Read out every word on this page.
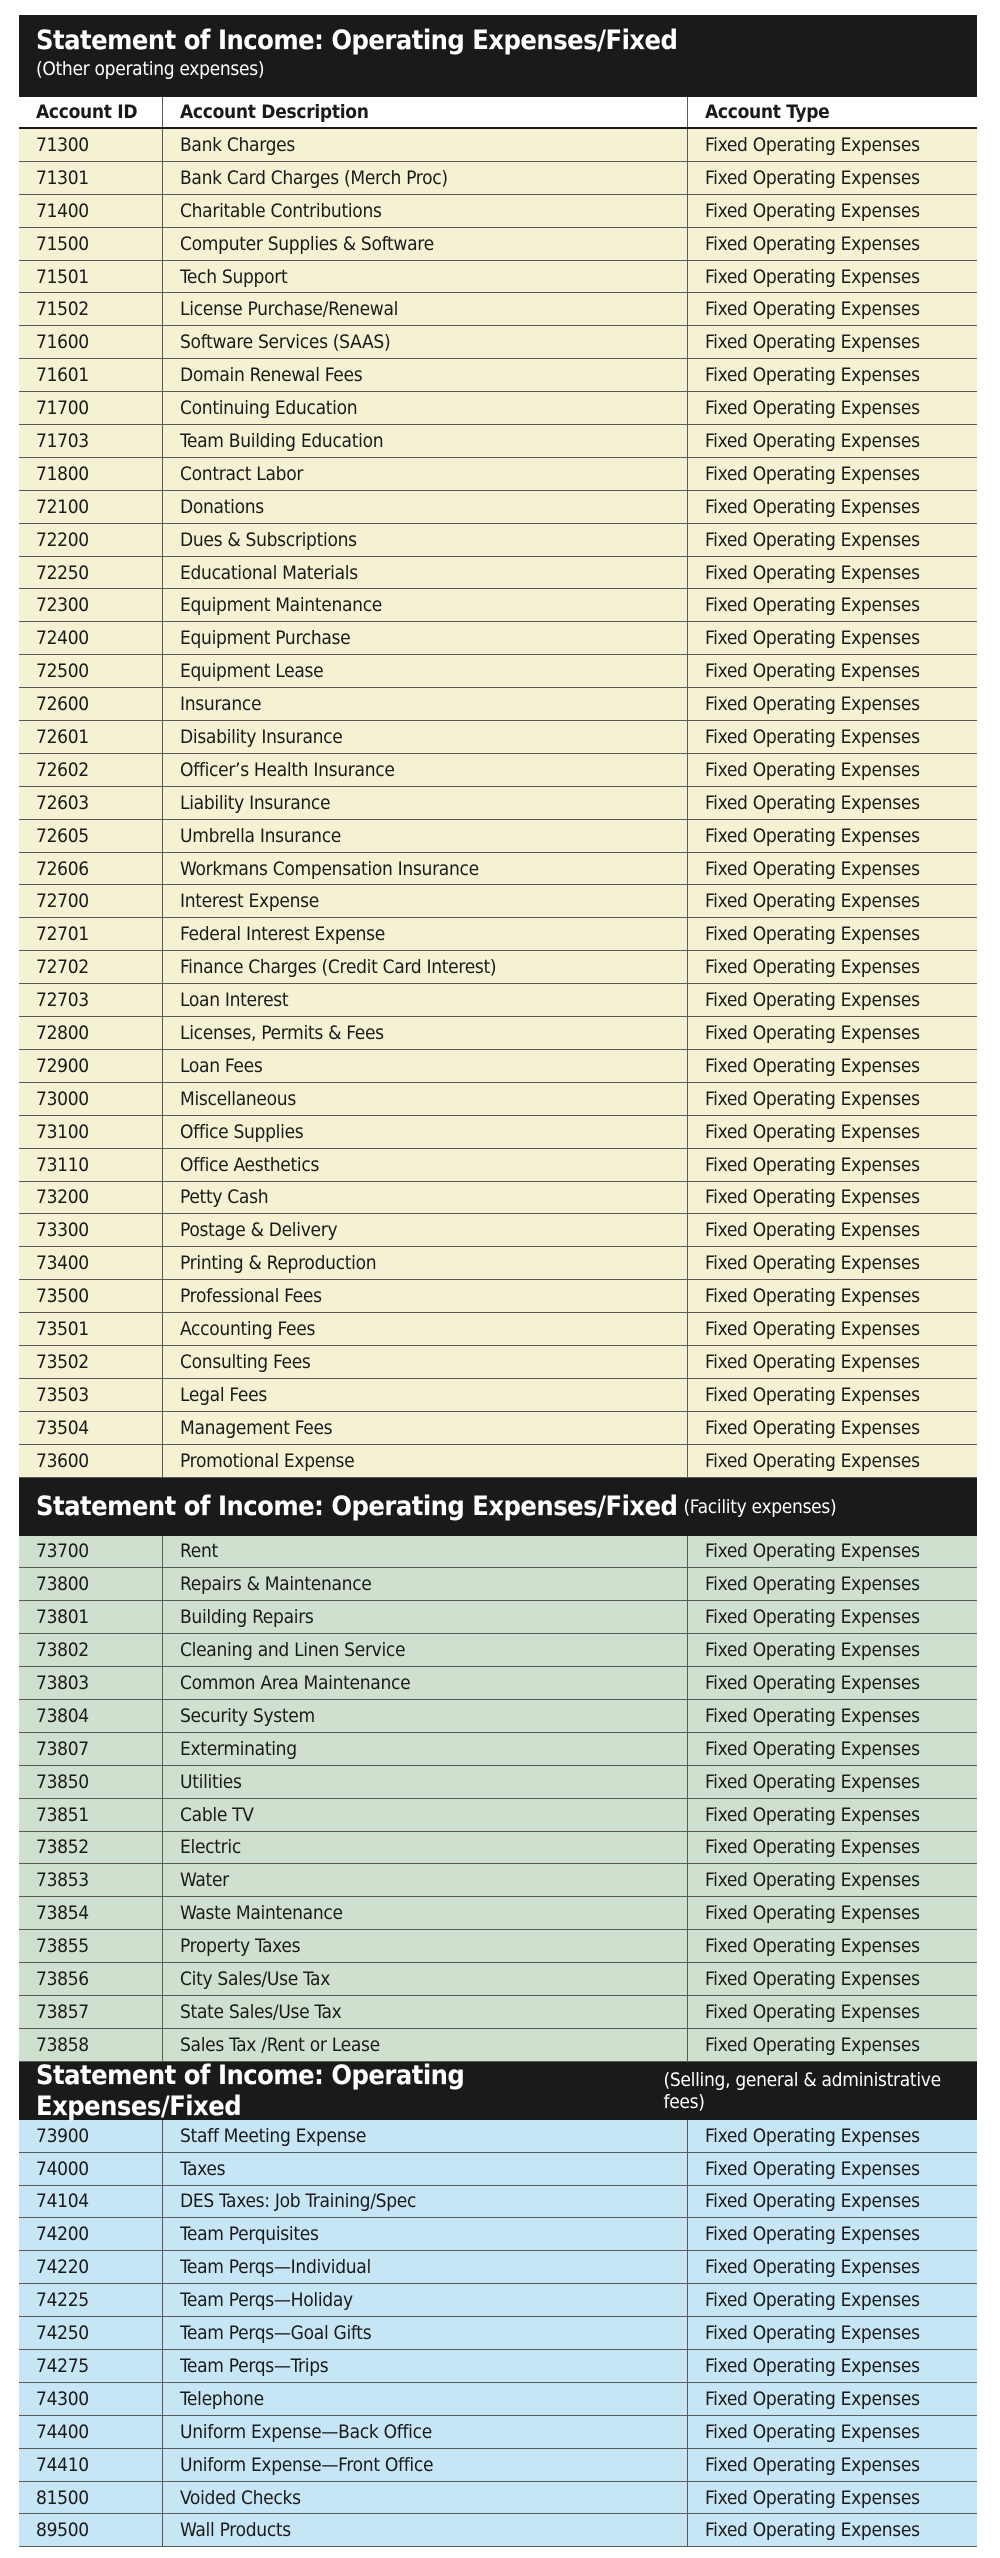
Statement of Income: Operating Expenses/Fixed
(Other operating expenses)
Account ID	Account Description	Account Type
71300	Bank Charges	Fixed Operating Expenses
71301	Bank Card Charges (Merch Proc)	Fixed Operating Expenses
71400	Charitable Contributions	Fixed Operating Expenses
71500	Computer Supplies & Software	Fixed Operating Expenses
71501	Tech Support	Fixed Operating Expenses
71502	License Purchase/Renewal	Fixed Operating Expenses
71600	Software Services (SAAS)	Fixed Operating Expenses
71601	Domain Renewal Fees	Fixed Operating Expenses
71700	Continuing Education	Fixed Operating Expenses
71703	Team Building Education	Fixed Operating Expenses
71800	Contract Labor	Fixed Operating Expenses
72100	Donations	Fixed Operating Expenses
72200	Dues & Subscriptions	Fixed Operating Expenses
72250	Educational Materials	Fixed Operating Expenses
72300	Equipment Maintenance	Fixed Operating Expenses
72400	Equipment Purchase	Fixed Operating Expenses
72500	Equipment Lease	Fixed Operating Expenses
72600	Insurance	Fixed Operating Expenses
72601	Disability Insurance	Fixed Operating Expenses
72602	Officer’s Health Insurance	Fixed Operating Expenses
72603	Liability Insurance	Fixed Operating Expenses
72605	Umbrella Insurance	Fixed Operating Expenses
72606	Workmans Compensation Insurance	Fixed Operating Expenses
72700	Interest Expense	Fixed Operating Expenses
72701	Federal Interest Expense	Fixed Operating Expenses
72702	Finance Charges (Credit Card Interest)	Fixed Operating Expenses
72703	Loan Interest	Fixed Operating Expenses
72800	Licenses, Permits & Fees	Fixed Operating Expenses
72900	Loan Fees	Fixed Operating Expenses
73000	Miscellaneous	Fixed Operating Expenses
73100	Office Supplies	Fixed Operating Expenses
73110	Office Aesthetics	Fixed Operating Expenses
73200	Petty Cash	Fixed Operating Expenses
73300	Postage & Delivery	Fixed Operating Expenses
73400	Printing & Reproduction	Fixed Operating Expenses
73500	Professional Fees	Fixed Operating Expenses
73501	Accounting Fees	Fixed Operating Expenses
73502	Consulting Fees	Fixed Operating Expenses
73503	Legal Fees	Fixed Operating Expenses
73504	Management Fees	Fixed Operating Expenses
73600	Promotional Expense	Fixed Operating Expenses
Statement of Income: Operating Expenses/Fixed (Facility expenses)
73700	Rent	Fixed Operating Expenses
73800	Repairs & Maintenance	Fixed Operating Expenses
73801	Building Repairs	Fixed Operating Expenses
73802	Cleaning and Linen Service	Fixed Operating Expenses
73803	Common Area Maintenance	Fixed Operating Expenses
73804	Security System	Fixed Operating Expenses
73807	Exterminating	Fixed Operating Expenses
73850	Utilities	Fixed Operating Expenses
73851	Cable TV	Fixed Operating Expenses
73852	Electric	Fixed Operating Expenses
73853	Water	Fixed Operating Expenses
73854	Waste Maintenance	Fixed Operating Expenses
73855	Property Taxes	Fixed Operating Expenses
73856	City Sales/Use Tax	Fixed Operating Expenses
73857	State Sales/Use Tax	Fixed Operating Expenses
73858	Sales Tax /Rent or Lease	Fixed Operating Expenses
Statement of Income: Operating Expenses/Fixed
(Selling, general & administrative fees)
73900	Staff Meeting Expense	Fixed Operating Expenses
74000	Taxes	Fixed Operating Expenses
74104	DES Taxes: Job Training/Spec	Fixed Operating Expenses
74200	Team Perquisites	Fixed Operating Expenses
74220	Team Perqs—Individual	Fixed Operating Expenses
74225	Team Perqs—Holiday	Fixed Operating Expenses
74250	Team Perqs—Goal Gifts	Fixed Operating Expenses
74275	Team Perqs—Trips	Fixed Operating Expenses
74300	Telephone	Fixed Operating Expenses
74400	Uniform Expense—Back Office	Fixed Operating Expenses
74410	Uniform Expense—Front Office	Fixed Operating Expenses
81500	Voided Checks	Fixed Operating Expenses
89500	Wall Products	Fixed Operating Expenses
